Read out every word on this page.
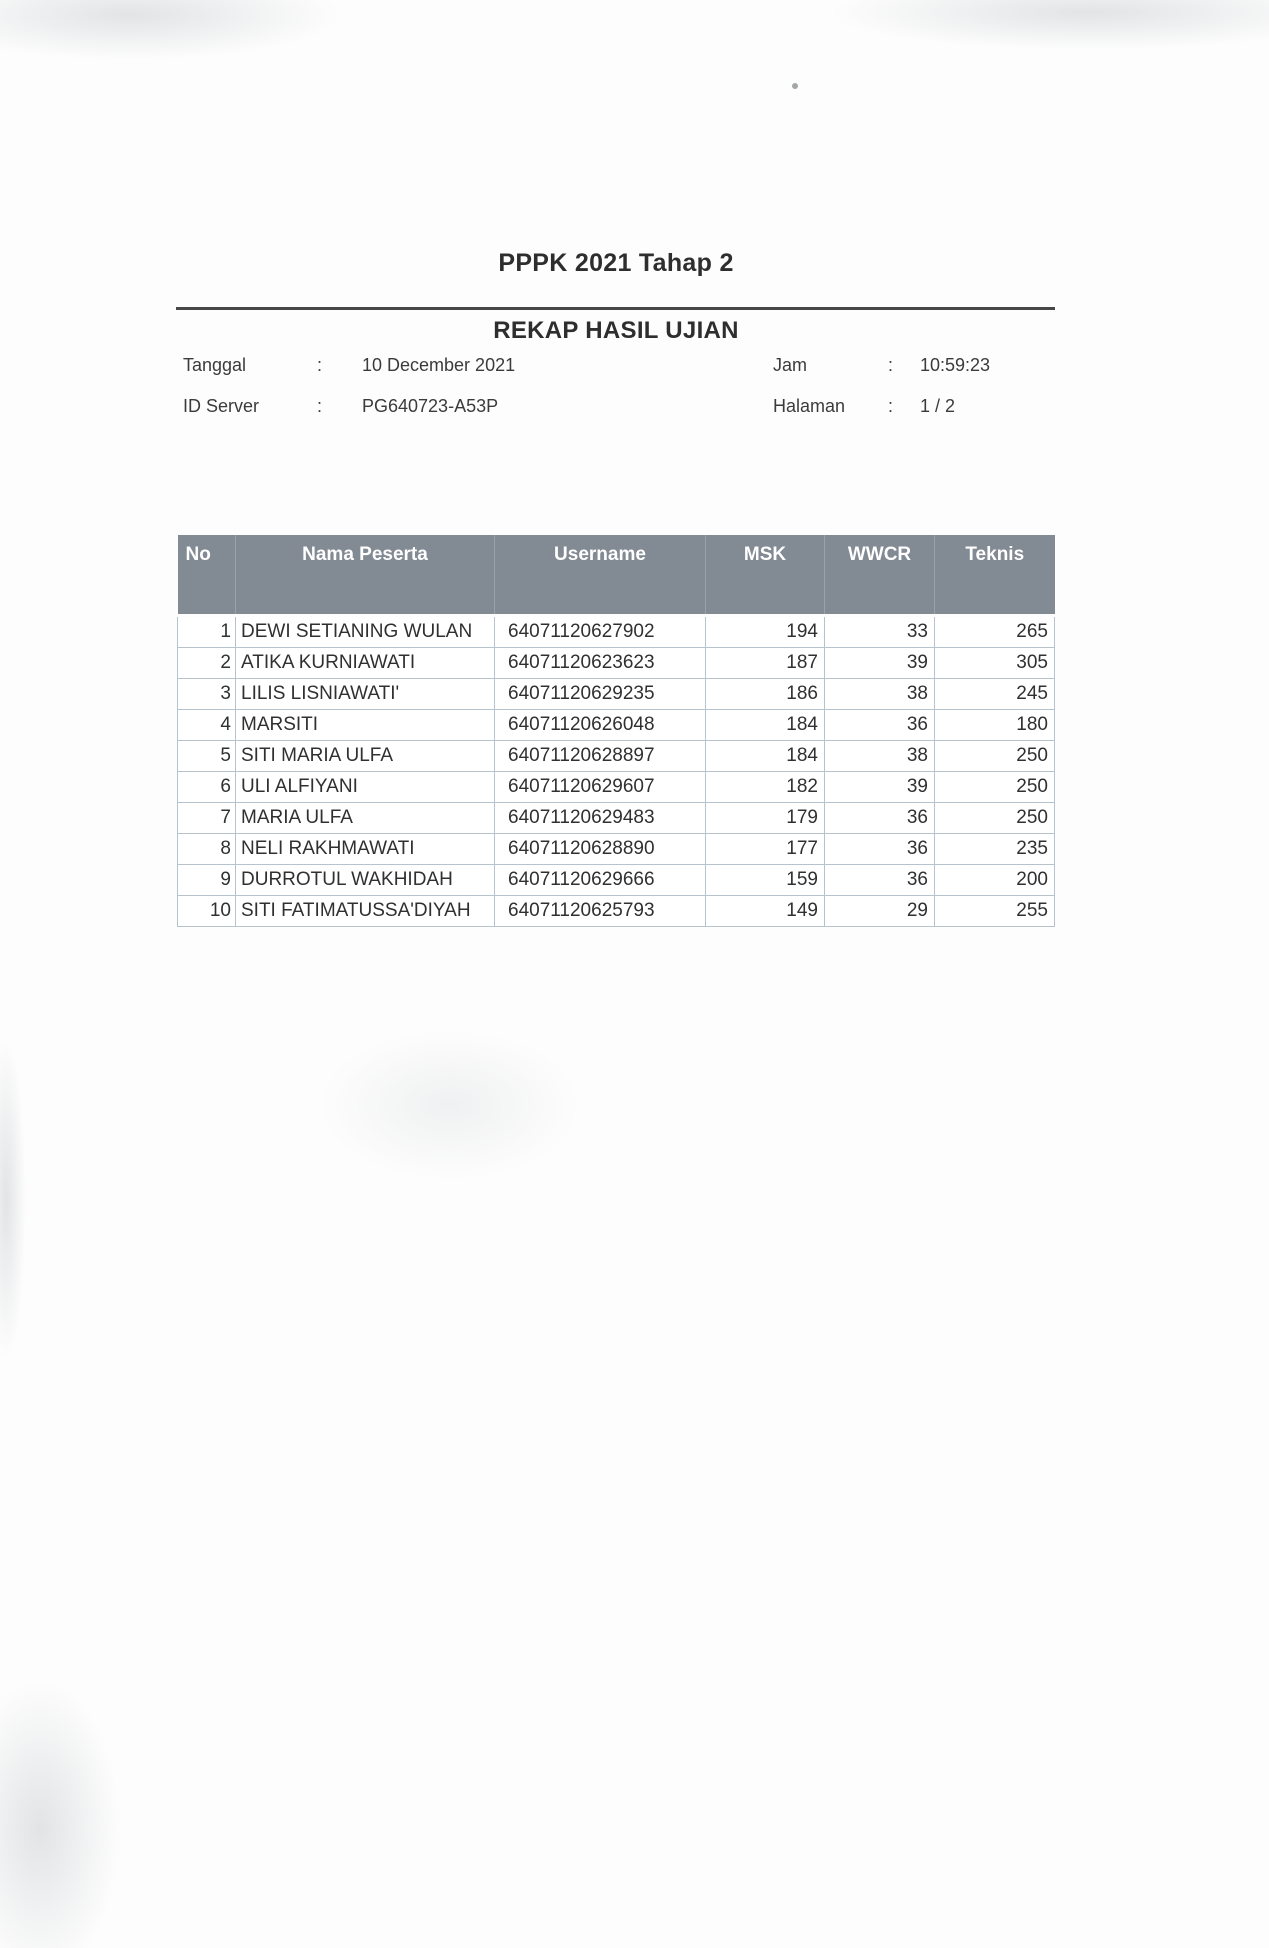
PPPK 2021 Tahap 2
REKAP HASIL UJIAN
Tanggal	: 10 December 2021
ID Server	: PG640723-A53P
Jam	: 10:59:23
Halaman : 1 / 2
No	Nama Peserta	Username	MSK	WWCR	Teknis
1	DEWI SETIANING WULAN	64071120627902	194	33	265
2	ATIKA KURNIAWATI	64071120623623	187	39	305
3	LILIS LISNIAWATI'	64071120629235	186	38	245
4	MARSITI	64071120626048	184	36	180
5	SITI MARIA ULFA	64071120628897	184	38	250
6	ULI ALFIYANI	64071120629607	182	39	250
7	MARIA ULFA	64071120629483	179	36	250
8	NELI RAKHMAWATI	64071120628890	177	36	235
9	DURROTUL WAKHIDAH	64071120629666	159	36	200
10	SITI FATIMATUSSA'DIYAH	64071120625793	149	29	255
